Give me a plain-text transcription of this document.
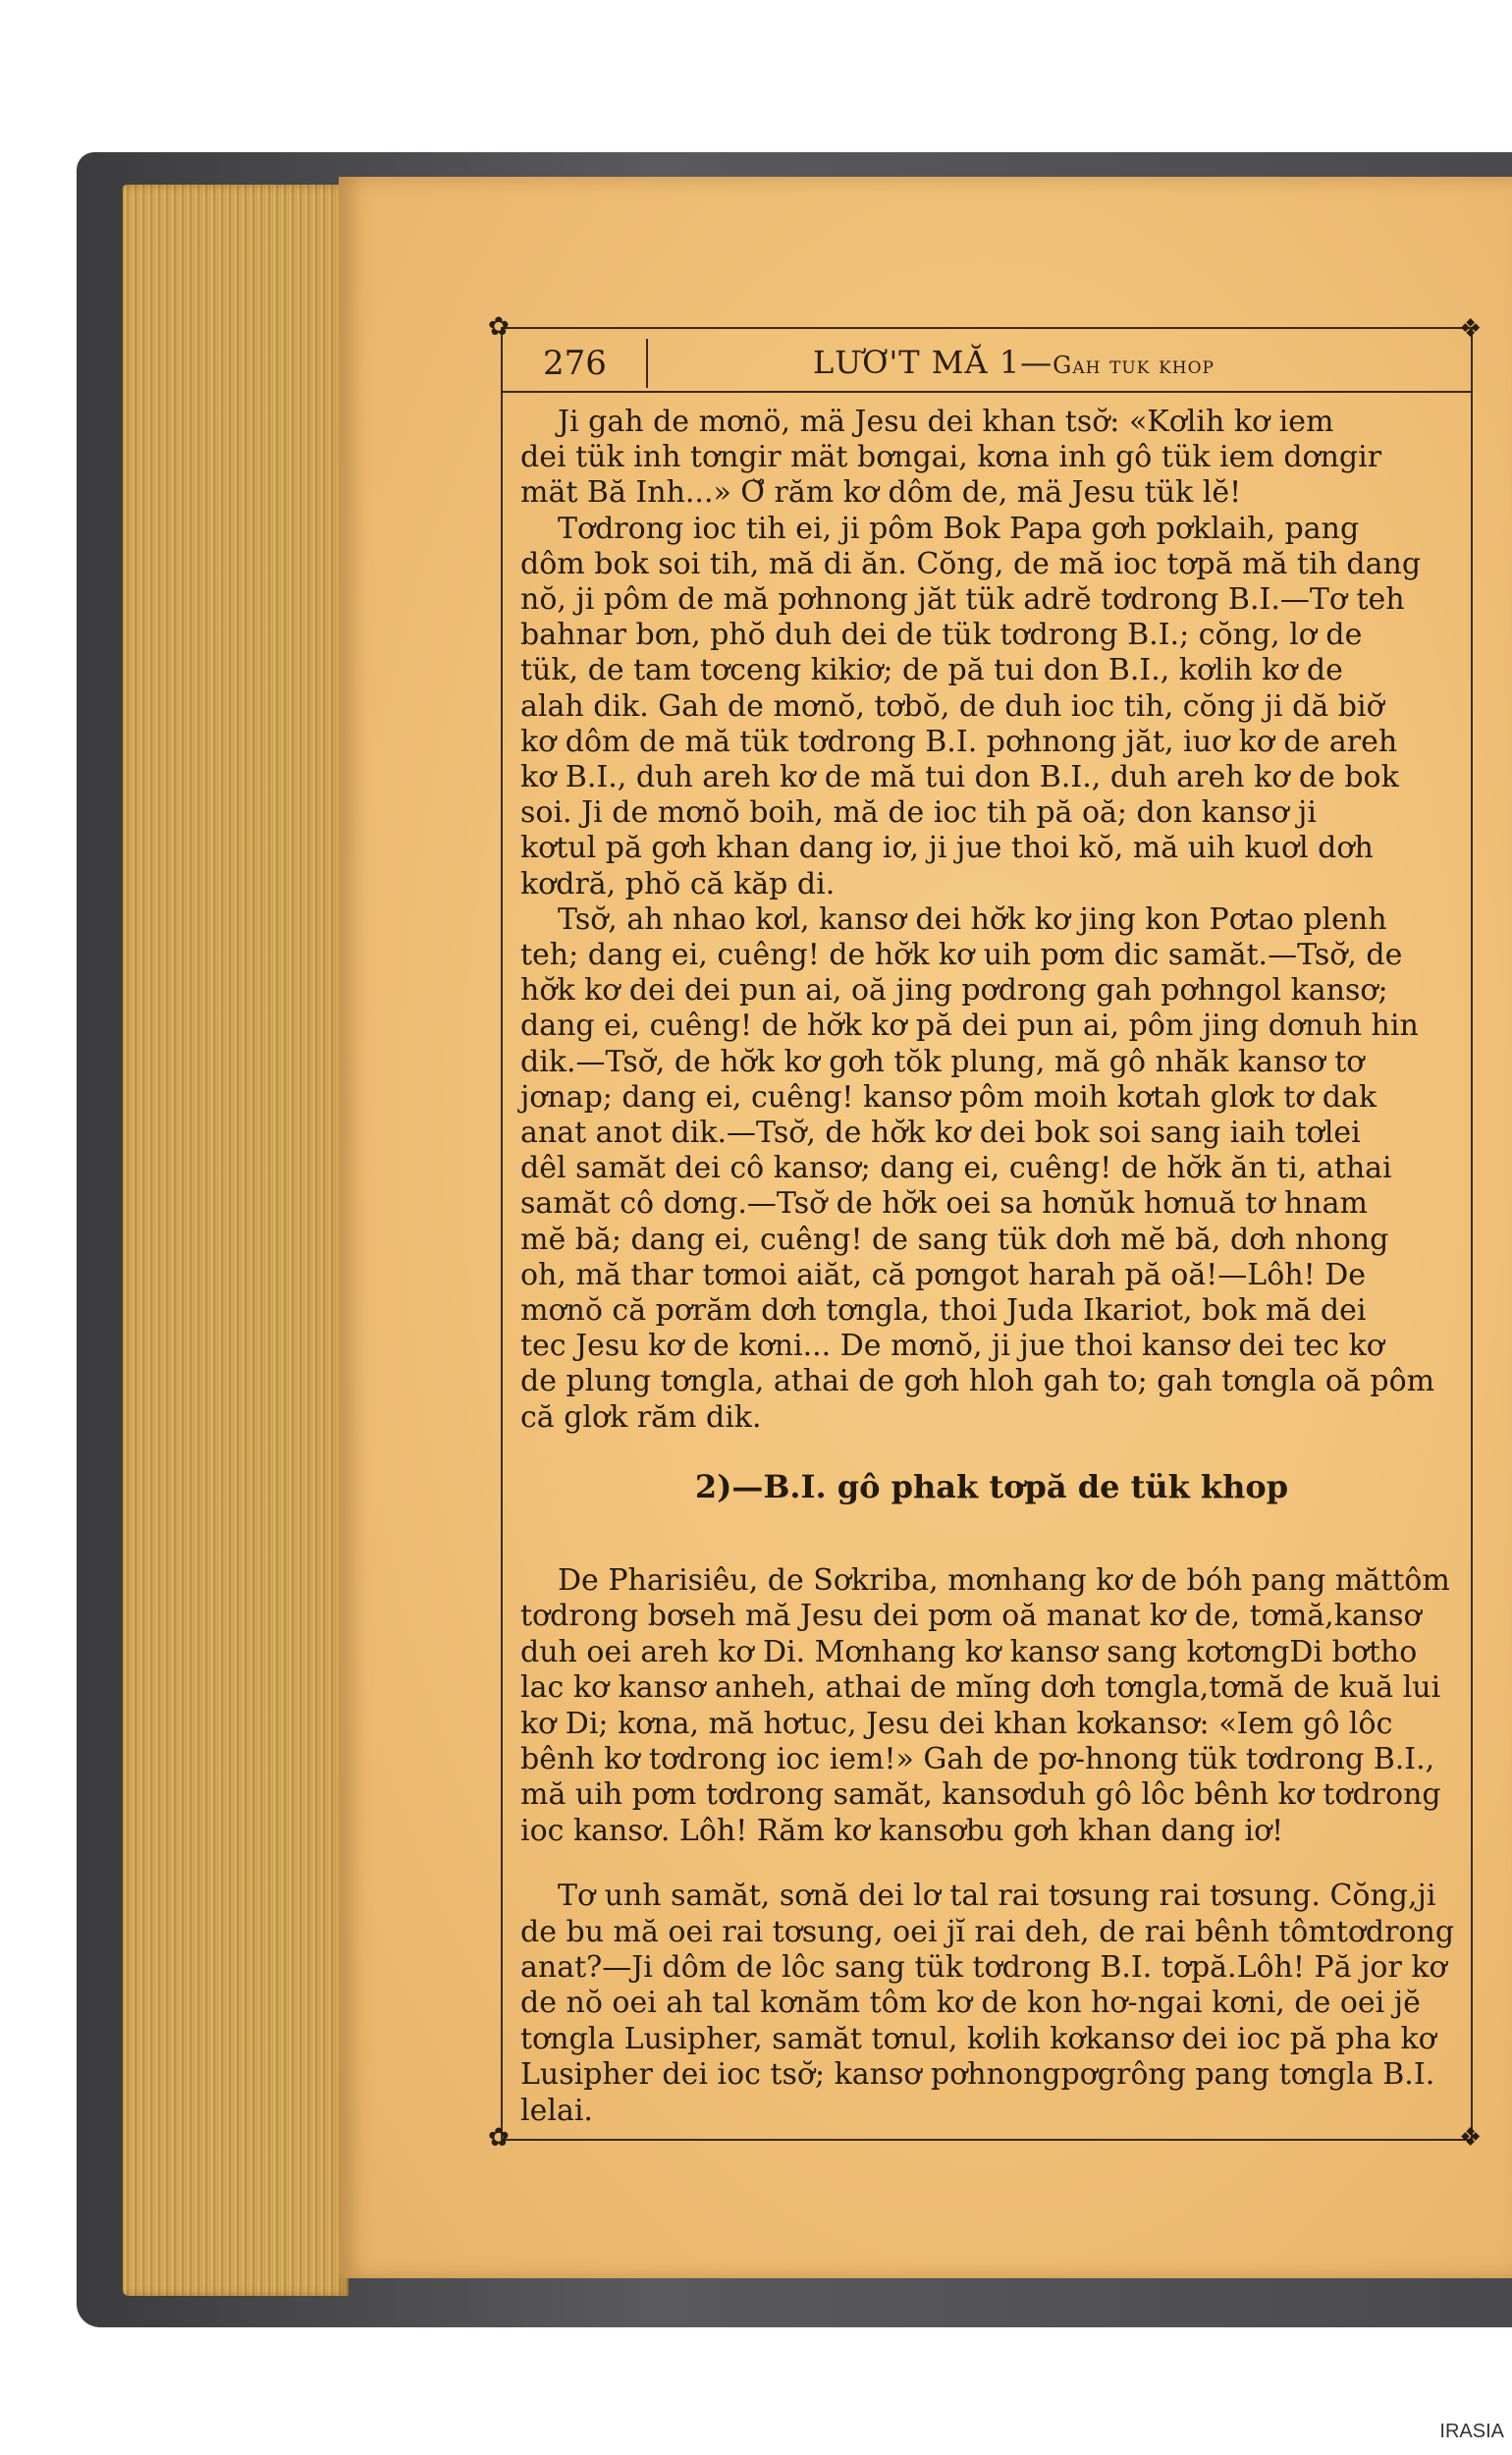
✿
✿
❖
❖
276	LƯƠ'T MĂ 1—Gah tuk khop

Ji gah de mơnö, mä Jesu dei khan tsơ̆: «Kơlih kơ iem
dei tük inh tơngir mät bơngai, kơna inh gô tük iem dơngir
mät Bă Inh...» Ơ̆ răm kơ dôm de, mä Jesu tük lĕ!

Tơdrong ioc tih ei, ji pôm Bok Papa gơh pơklaih, pang
dôm bok soi tih, mă di ăn. Cŏng, de mă ioc tơpă mă tih dang
nŏ, ji pôm de mă pơhnong jăt tük adrĕ tơdrong B.I.—Tơ teh
bahnar bơn, phŏ duh dei de tük tơdrong B.I.; cŏng, lơ de
tük, de tam tơceng kikiơ; de pă tui don B.I., kơlih kơ de
alah dik. Gah de mơnŏ, tơbŏ, de duh ioc tih, cŏng ji dă biơ̆
kơ dôm de mă tük tơdrong B.I. pơhnong jăt, iuơ kơ de areh
kơ B.I., duh areh kơ de mă tui don B.I., duh areh kơ de bok
soi. Ji de mơnŏ boih, mă de ioc tih pă oă; don kansơ ji
kơtul pă gơh khan dang iơ, ji jue thoi kŏ, mă uih kuơl dơh
kơdră, phŏ că kăp di.

Tsơ̆, ah nhao kơl, kansơ dei hơ̆k kơ jing kon Pơtao plenh
teh; dang ei, cuêng! de hơ̆k kơ uih pơm dic samăt.—Tsơ̆, de
hơ̆k kơ dei dei pun ai, oă jing pơdrong gah pơhngol kansơ;
dang ei, cuêng! de hơ̆k kơ pă dei pun ai, pôm jing dơnuh hin
dik.—Tsơ̆, de hơ̆k kơ gơh tŏk plung, mă gô nhăk kansơ tơ
jơnap; dang ei, cuêng! kansơ pôm moih kơtah glơk tơ dak
anat anot dik.—Tsơ̆, de hơ̆k kơ dei bok soi sang iaih tơlei
dêl samăt dei cô kansơ; dang ei, cuêng! de hơ̆k ăn ti, athai
samăt cô dơng.—Tsơ̆ de hơ̆k oei sa hơnŭk hơnuă tơ hnam
mĕ bă; dang ei, cuêng! de sang tük dơh mĕ bă, dơh nhong
oh, mă thar tơmoi aiăt, că pơngot harah pă oă!—Lôh! De
mơnŏ că pơrăm dơh tơngla, thoi Juda Ikariot, bok mă dei
tec Jesu kơ de kơni... De mơnŏ, ji jue thoi kansơ dei tec kơ
de plung tơngla, athai de gơh hloh gah to; gah tơngla oă pôm
că glơk răm dik.

2)—B.I. gô phak tơpă de tük khop

De Pharisiêu, de Sơkriba, mơnhang kơ de bóh pang măttôm tơdrong bơseh mă Jesu dei pơm oă manat kơ de, tơmă,kansơ duh oei areh kơ Di. Mơnhang kơ kansơ sang kơtơngDi bơtho lac kơ kansơ anheh, athai de mĭng dơh tơngla,tơmă de kuă lui kơ Di; kơna, mă hơtuc, Jesu dei khan kơkansơ: «Iem gô lôc bênh kơ tơdrong ioc iem!» Gah de pơ-hnong tük tơdrong B.I., mă uih pơm tơdrong samăt, kansơduh gô lôc bênh kơ tơdrong ioc kansơ. Lôh! Răm kơ kansơbu gơh khan dang iơ!

Tơ unh samăt, sơnă dei lơ tal rai tơsung rai tơsung. Cŏng,ji de bu mă oei rai tơsung, oei jĭ rai deh, de rai bênh tômtơdrong anat?—Ji dôm de lôc sang tük tơdrong B.I. tơpă.Lôh! Pă jor kơ de nŏ oei ah tal kơnăm tôm kơ de kon hơ-ngai kơni, de oei jĕ tơngla Lusipher, samăt tơnul, kơlih kơkansơ dei ioc pă pha kơ Lusipher dei ioc tsơ̆; kansơ pơhnongpơgrông pang tơngla B.I. lelai.

IRASIA
